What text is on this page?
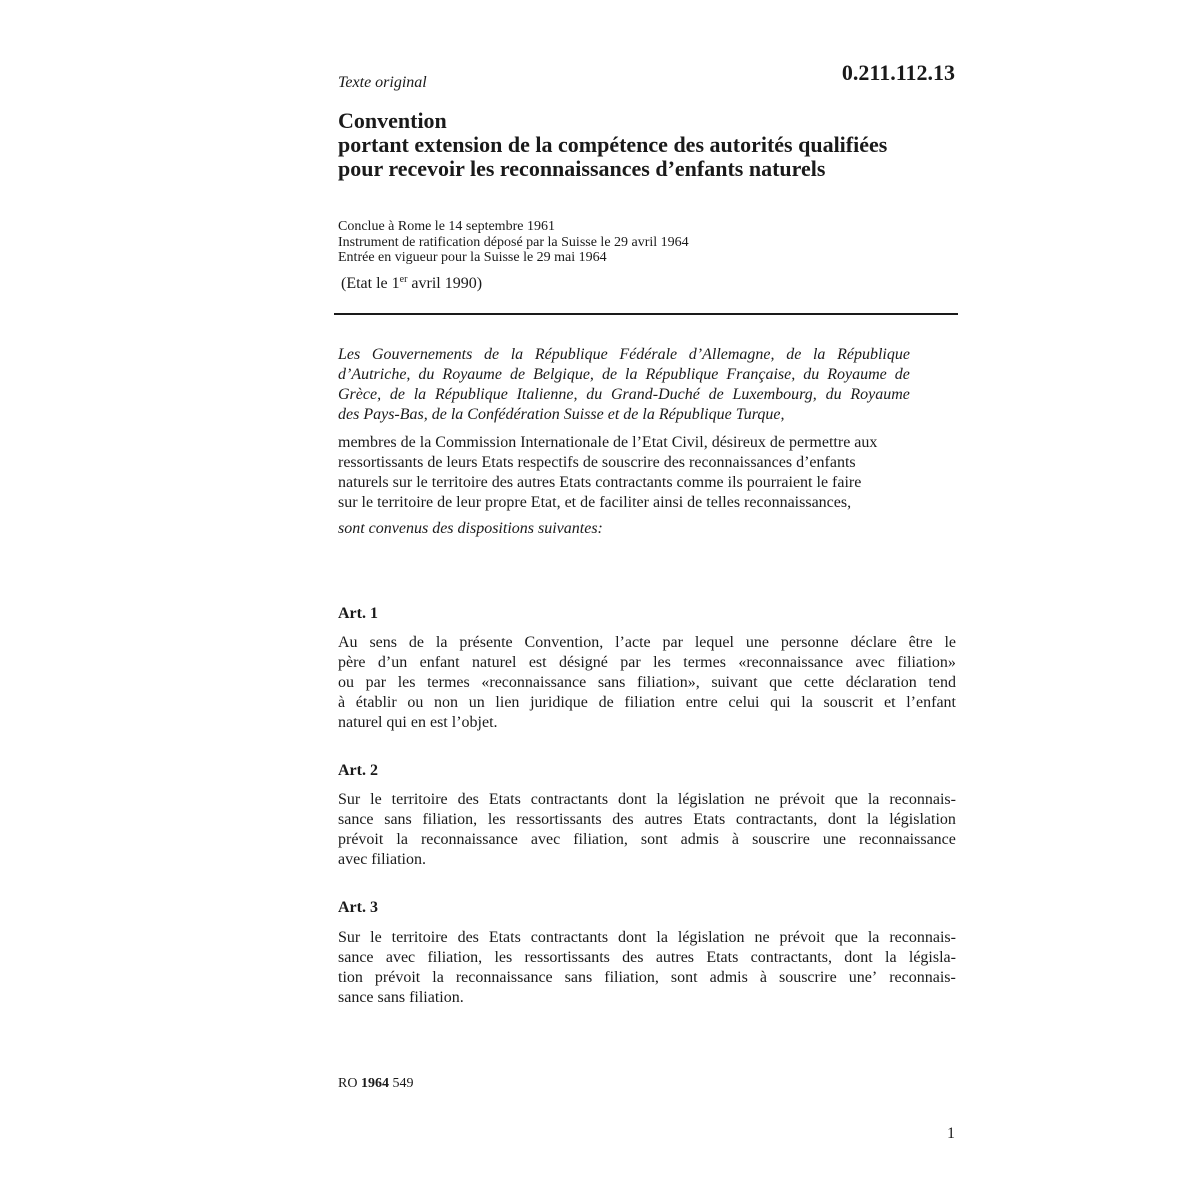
Texte original	0.211.112.13
Convention
portant extension de la compétence des autorités qualifiées
pour recevoir les reconnaissances d’enfants naturels
Conclue à Rome le 14 septembre 1961
Instrument de ratification déposé par la Suisse le 29 avril 1964
Entrée en vigueur pour la Suisse le 29 mai 1964
(Etat le 1er avril 1990)
Les Gouvernements de la République Fédérale d’Allemagne, de la République
d’Autriche, du Royaume de Belgique, de la République Française, du Royaume de
Grèce, de la République Italienne, du Grand-Duché de Luxembourg, du Royaume
des Pays-Bas, de la Confédération Suisse et de la République Turque,
membres de la Commission Internationale de l’Etat Civil, désireux de permettre aux
ressortissants de leurs Etats respectifs de souscrire des reconnaissances d’enfants
naturels sur le territoire des autres Etats contractants comme ils pourraient le faire
sur le territoire de leur propre Etat, et de faciliter ainsi de telles reconnaissances,
sont convenus des dispositions suivantes:
Art. 1
Au sens de la présente Convention, l’acte par lequel une personne déclare être le
père d’un enfant naturel est désigné par les termes «reconnaissance avec filiation»
ou par les termes «reconnaissance sans filiation», suivant que cette déclaration tend
à établir ou non un lien juridique de filiation entre celui qui la souscrit et l’enfant
naturel qui en est l’objet.
Art. 2
Sur le territoire des Etats contractants dont la législation ne prévoit que la reconnais-
sance sans filiation, les ressortissants des autres Etats contractants, dont la législation
prévoit la reconnaissance avec filiation, sont admis à souscrire une reconnaissance
avec filiation.
Art. 3
Sur le territoire des Etats contractants dont la législation ne prévoit que la reconnais-
sance avec filiation, les ressortissants des autres Etats contractants, dont la législa-
tion prévoit la reconnaissance sans filiation, sont admis à souscrire une’ reconnais-
sance sans filiation.
RO 1964 549
1
